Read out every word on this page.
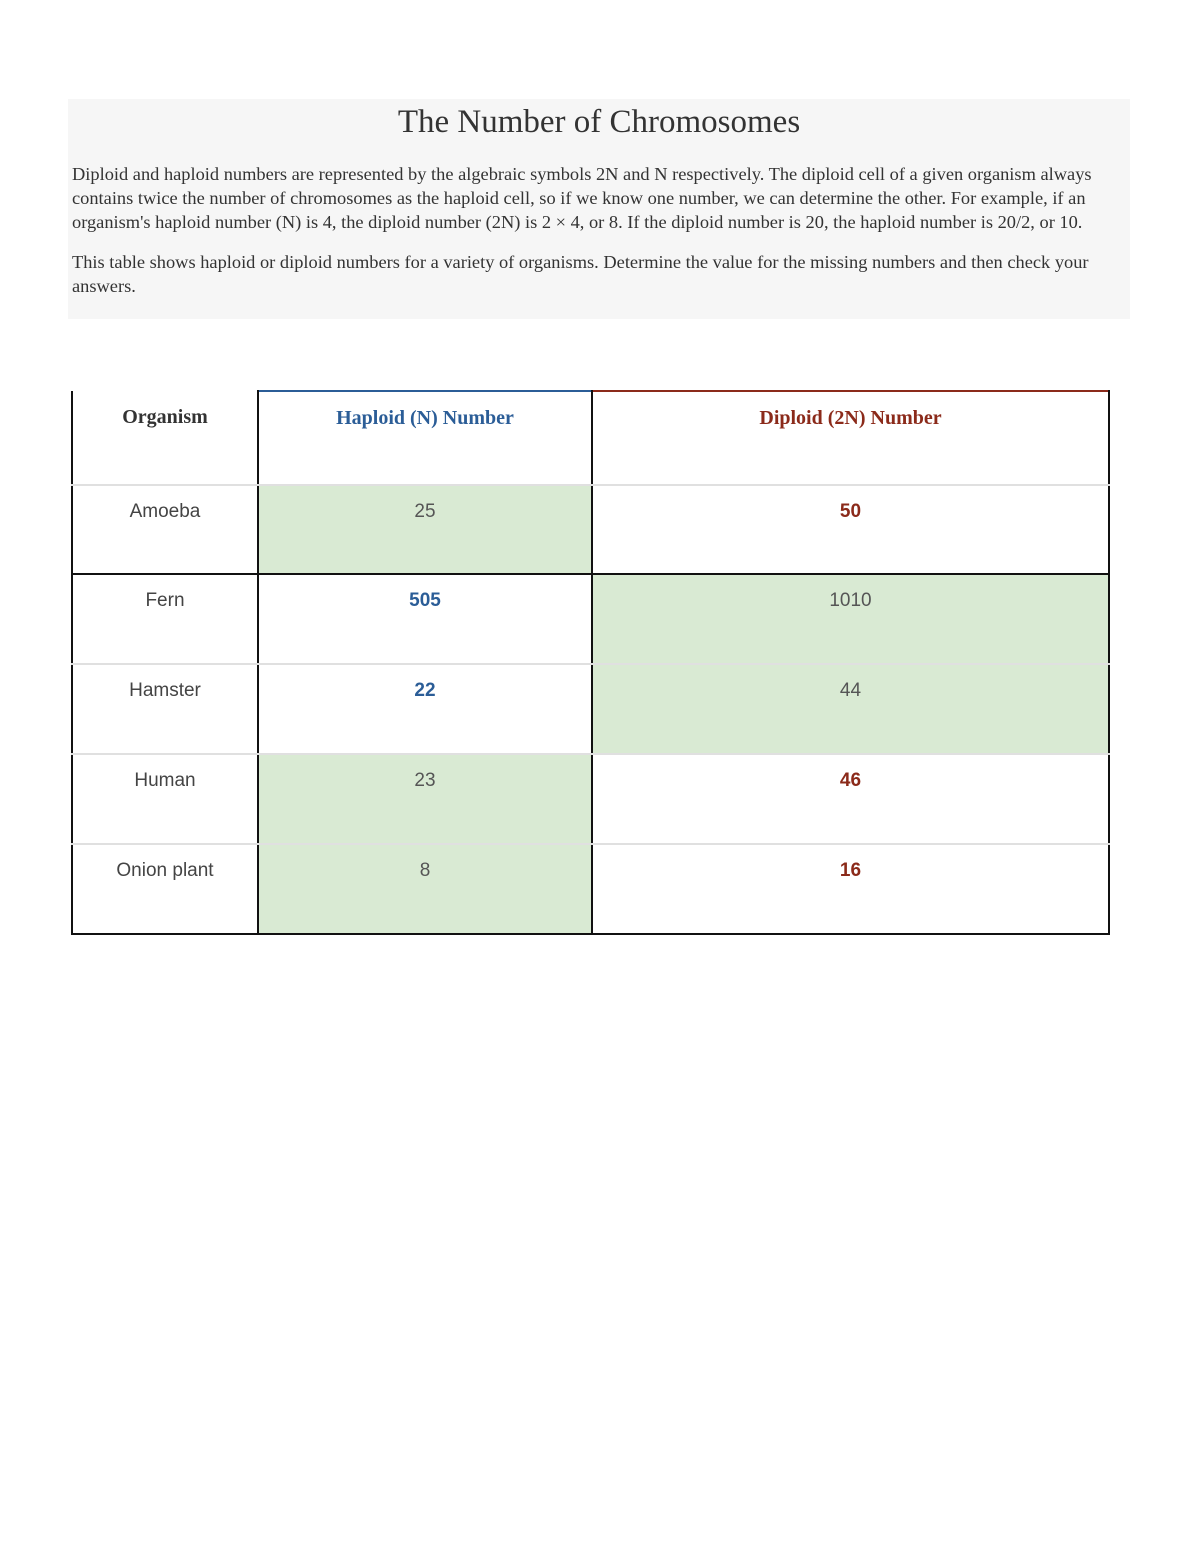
The Number of Chromosomes

Diploid and haploid numbers are represented by the algebraic symbols 2N and N respectively. The diploid cell of a given organism always contains twice the number of chromosomes as the haploid cell, so if we know one number, we can determine the other. For example, if an organism's haploid number (N) is 4, the diploid number (2N) is 2 × 4, or 8. If the diploid number is 20, the haploid number is 20/2, or 10.

This table shows haploid or diploid numbers for a variety of organisms. Determine the value for the missing numbers and then check your answers.

Organism	Haploid (N) Number	Diploid (2N) Number
Amoeba	25	50
Fern	505	1010
Hamster	22	44
Human	23	46
Onion plant	8	16
